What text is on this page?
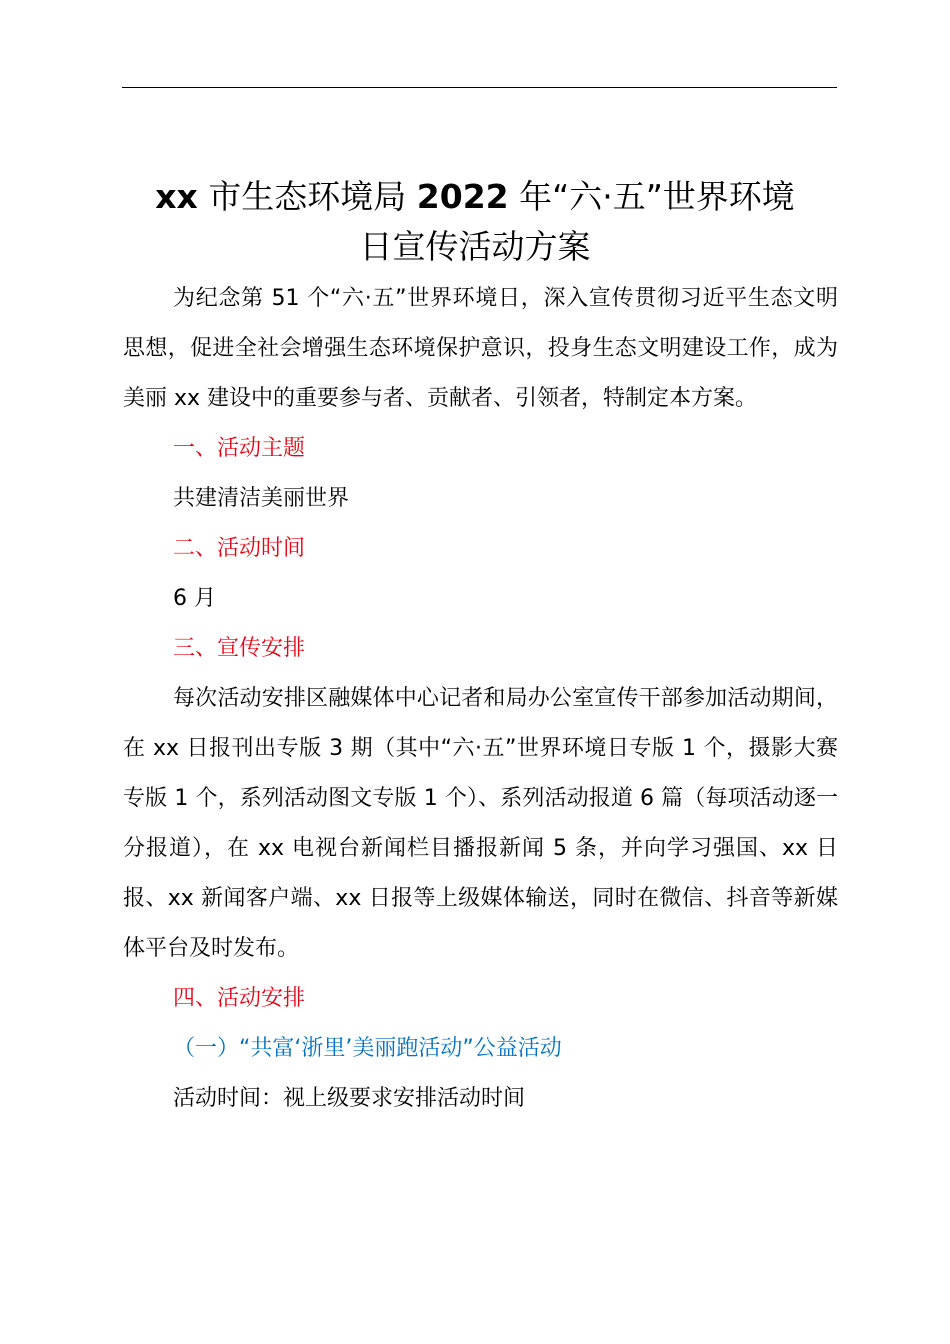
xx 市生态环境局 2022 年“六·五”世界环境
日宣传活动方案

为纪念第 51 个“六·五”世界环境日，深入宣传贯彻习近平生态文明思想，促进全社会增强生态环境保护意识，投身生态文明建设工作，成为美丽 xx 建设中的重要参与者、贡献者、引领者，特制定本方案。

一、活动主题

共建清洁美丽世界

二、活动时间

6 月

三、宣传安排

每次活动安排区融媒体中心记者和局办公室宣传干部参加活动期间，在 xx 日报刊出专版 3 期（其中“六·五”世界环境日专版 1 个，摄影大赛专版 1 个，系列活动图文专版 1 个）、系列活动报道 6 篇（每项活动逐一分报道），在 xx 电视台新闻栏目播报新闻 5 条，并向学习强国、xx 日报、xx 新闻客户端、xx 日报等上级媒体输送，同时在微信、抖音等新媒体平台及时发布。

四、活动安排

（一）“共富‘浙里’美丽跑活动”公益活动

活动时间：视上级要求安排活动时间
